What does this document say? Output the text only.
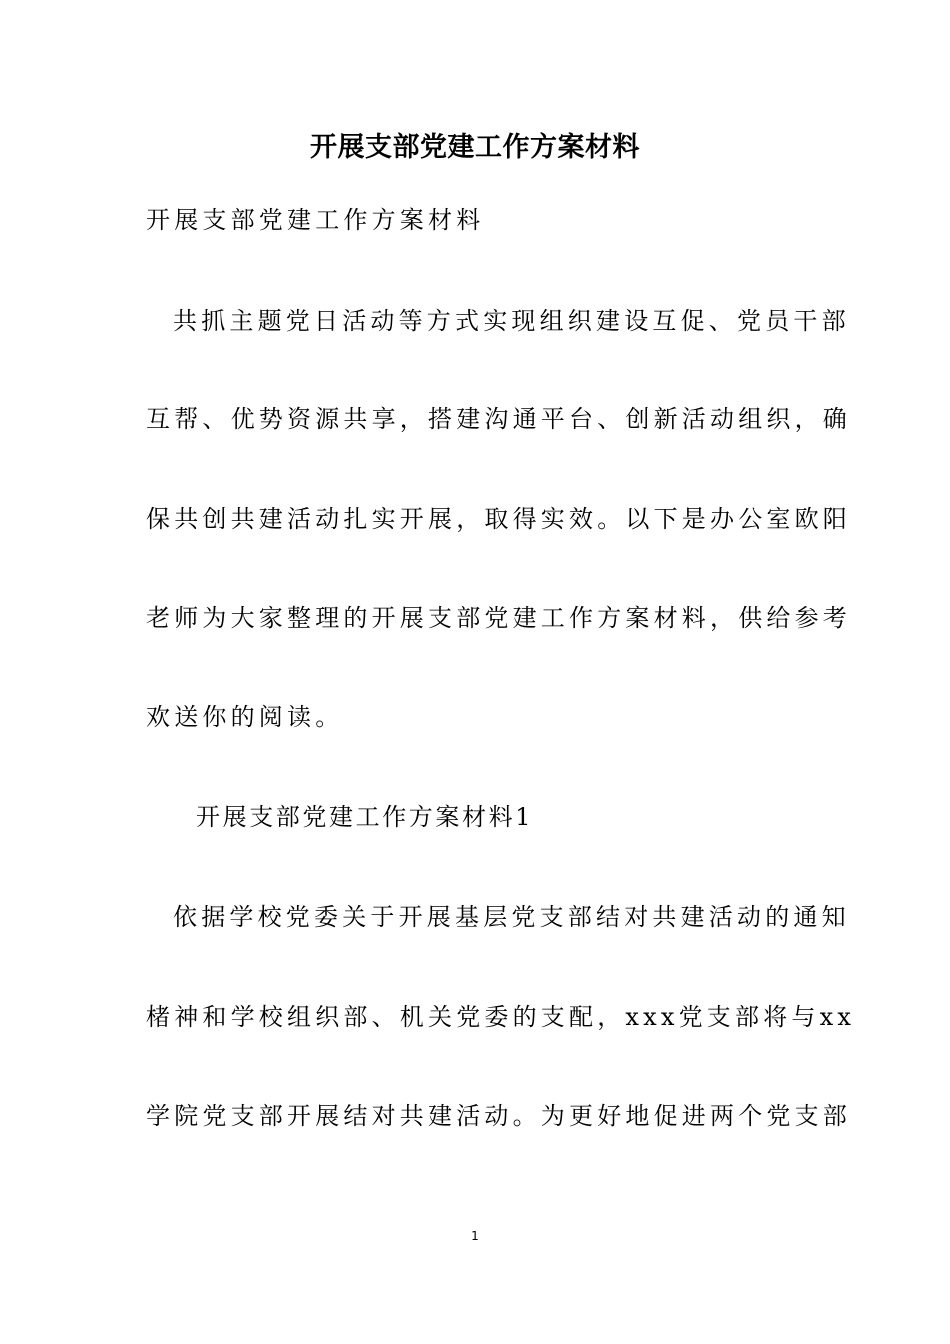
开展支部党建工作方案材料
开展支部党建工作方案材料
共抓主题党日活动等方式实现组织建设互促、党员干部
互帮、优势资源共享，搭建沟通平台、创新活动组织，确
保共创共建活动扎实开展，取得实效。以下是办公室欧阳
老师为大家整理的开展支部党建工作方案材料，供给参考
欢送你的阅读。
开展支部党建工作方案材料1
依据学校党委关于开展基层党支部结对共建活动的通知
楮神和学校组织部、机关党委的支配，xxx党支部将与xx
学院党支部开展结对共建活动。为更好地促进两个党支部
1
